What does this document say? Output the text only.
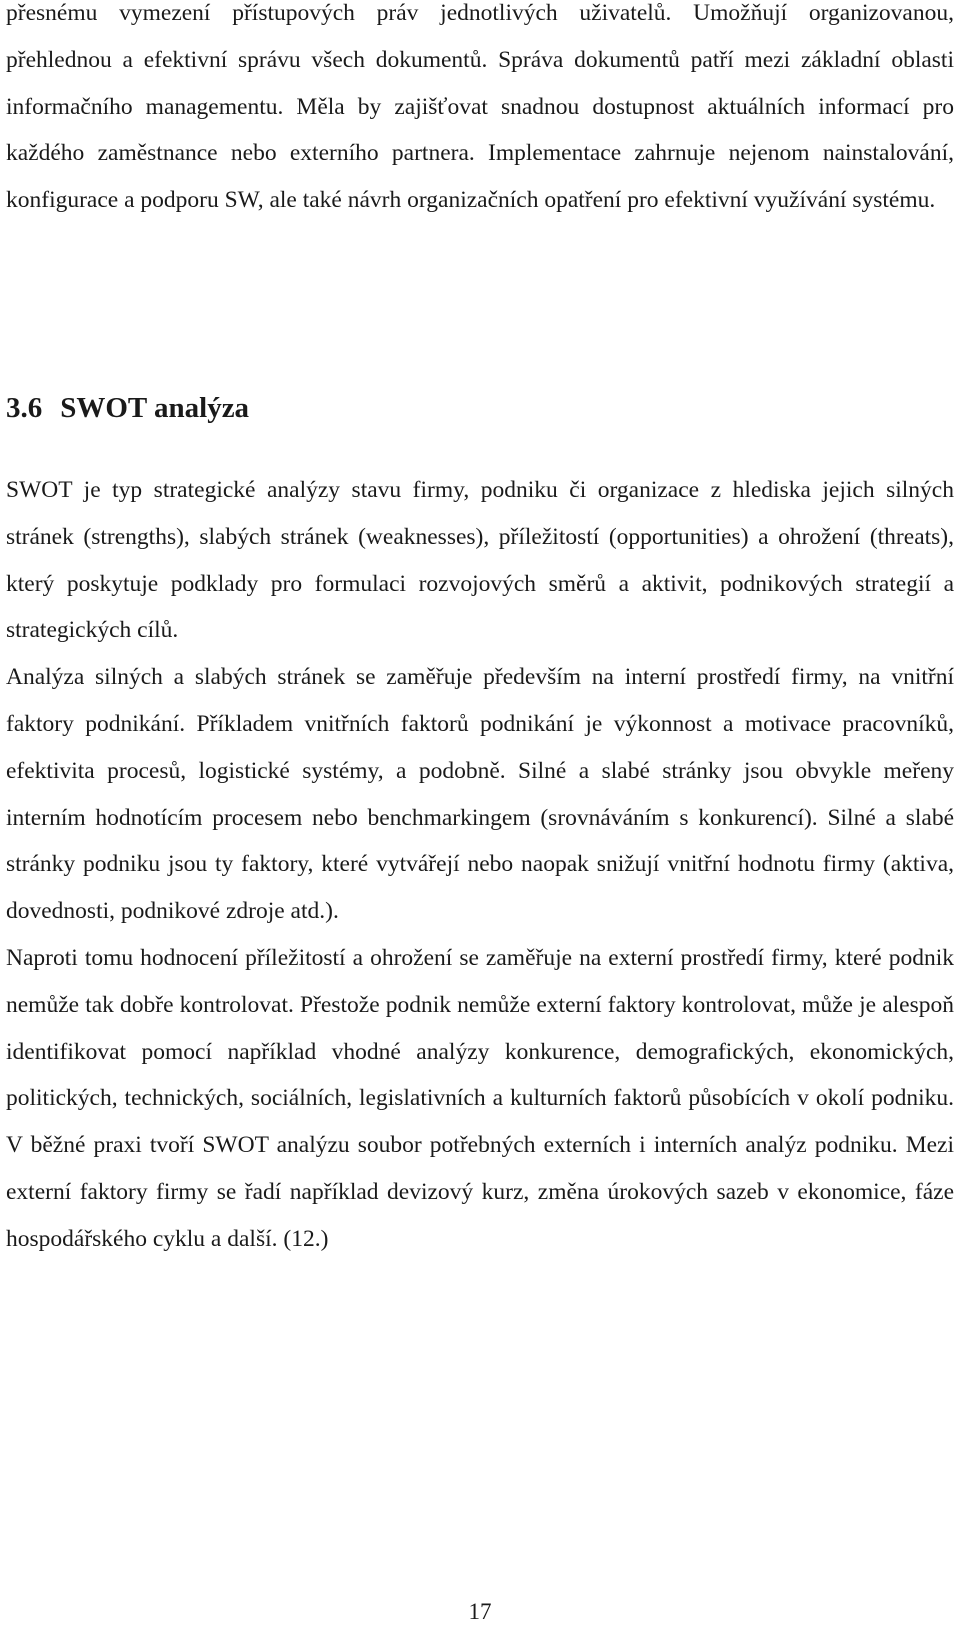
přesnému vymezení přístupových práv jednotlivých uživatelů. Umožňují organizovanou, přehlednou a efektivní správu všech dokumentů. Správa dokumentů patří mezi základní oblasti informačního managementu. Měla by zajišťovat snadnou dostupnost aktuálních informací pro každého zaměstnance nebo externího partnera. Implementace zahrnuje nejenom nainstalování, konfigurace a podporu SW, ale také návrh organizačních opatření pro efektivní využívání systému.

3.6 SWOT analýza
SWOT je typ strategické analýzy stavu firmy, podniku či organizace z hlediska jejich silných stránek (strengths), slabých stránek (weaknesses), příležitostí (opportunities) a ohrožení (threats), který poskytuje podklady pro formulaci rozvojových směrů a aktivit, podnikových strategií a strategických cílů.
Analýza silných a slabých stránek se zaměřuje především na interní prostředí firmy, na vnitřní faktory podnikání. Příkladem vnitřních faktorů podnikání je výkonnost a motivace pracovníků, efektivita procesů, logistické systémy, a podobně. Silné a slabé stránky jsou obvykle meřeny interním hodnotícím procesem nebo benchmarkingem (srovnáváním s konkurencí). Silné a slabé stránky podniku jsou ty faktory, které vytvářejí nebo naopak snižují vnitřní hodnotu firmy (aktiva, dovednosti, podnikové zdroje atd.).
Naproti tomu hodnocení příležitostí a ohrožení se zaměřuje na externí prostředí firmy, které podnik nemůže tak dobře kontrolovat. Přestože podnik nemůže externí faktory kontrolovat, může je alespoň identifikovat pomocí například vhodné analýzy konkurence, demografických, ekonomických, politických, technických, sociálních, legislativních a kulturních faktorů působících v okolí podniku. V běžné praxi tvoří SWOT analýzu soubor potřebných externích i interních analýz podniku. Mezi externí faktory firmy se řadí například devizový kurz, změna úrokových sazeb v ekonomice, fáze hospodářského cyklu a další. (12.)
17
